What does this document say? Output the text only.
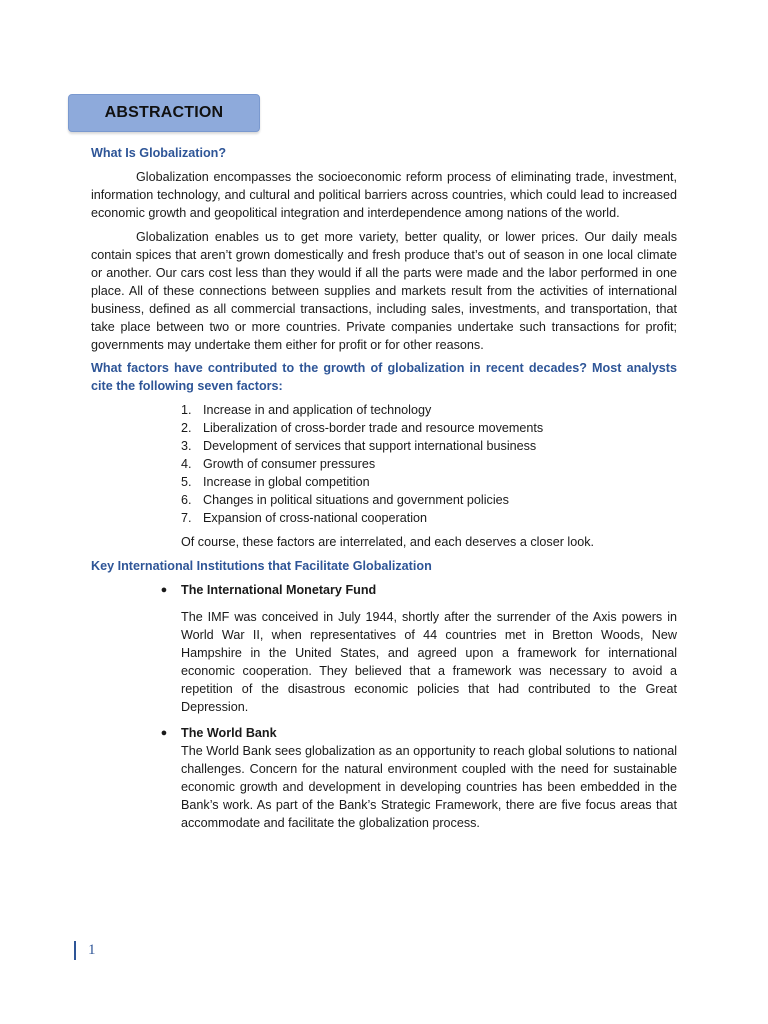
ABSTRACTION

What Is Globalization?

Globalization encompasses the socioeconomic reform process of eliminating trade, investment, information technology, and cultural and political barriers across countries, which could lead to increased economic growth and geopolitical integration and interdependence among nations of the world.

Globalization enables us to get more variety, better quality, or lower prices. Our daily meals contain spices that aren’t grown domestically and fresh produce that’s out of season in one local climate or another. Our cars cost less than they would if all the parts were made and the labor performed in one place. All of these connections between supplies and markets result from the activities of international business, defined as all commercial transactions, including sales, investments, and transportation, that take place between two or more countries. Private companies undertake such transactions for profit; governments may undertake them either for profit or for other reasons.

What factors have contributed to the growth of globalization in recent decades? Most analysts cite the following seven factors:

1. Increase in and application of technology
2. Liberalization of cross-border trade and resource movements
3. Development of services that support international business
4. Growth of consumer pressures
5. Increase in global competition
6. Changes in political situations and government policies
7. Expansion of cross-national cooperation

Of course, these factors are interrelated, and each deserves a closer look.

Key International Institutions that Facilitate Globalization

● The International Monetary Fund

The IMF was conceived in July 1944, shortly after the surrender of the Axis powers in World War II, when representatives of 44 countries met in Bretton Woods, New Hampshire in the United States, and agreed upon a framework for international economic cooperation. They believed that a framework was necessary to avoid a repetition of the disastrous economic policies that had contributed to the Great Depression.

● The World Bank

The World Bank sees globalization as an opportunity to reach global solutions to national challenges. Concern for the natural environment coupled with the need for sustainable economic growth and development in developing countries has been embedded in the Bank’s work. As part of the Bank’s Strategic Framework, there are five focus areas that accommodate and facilitate the globalization process.

1
